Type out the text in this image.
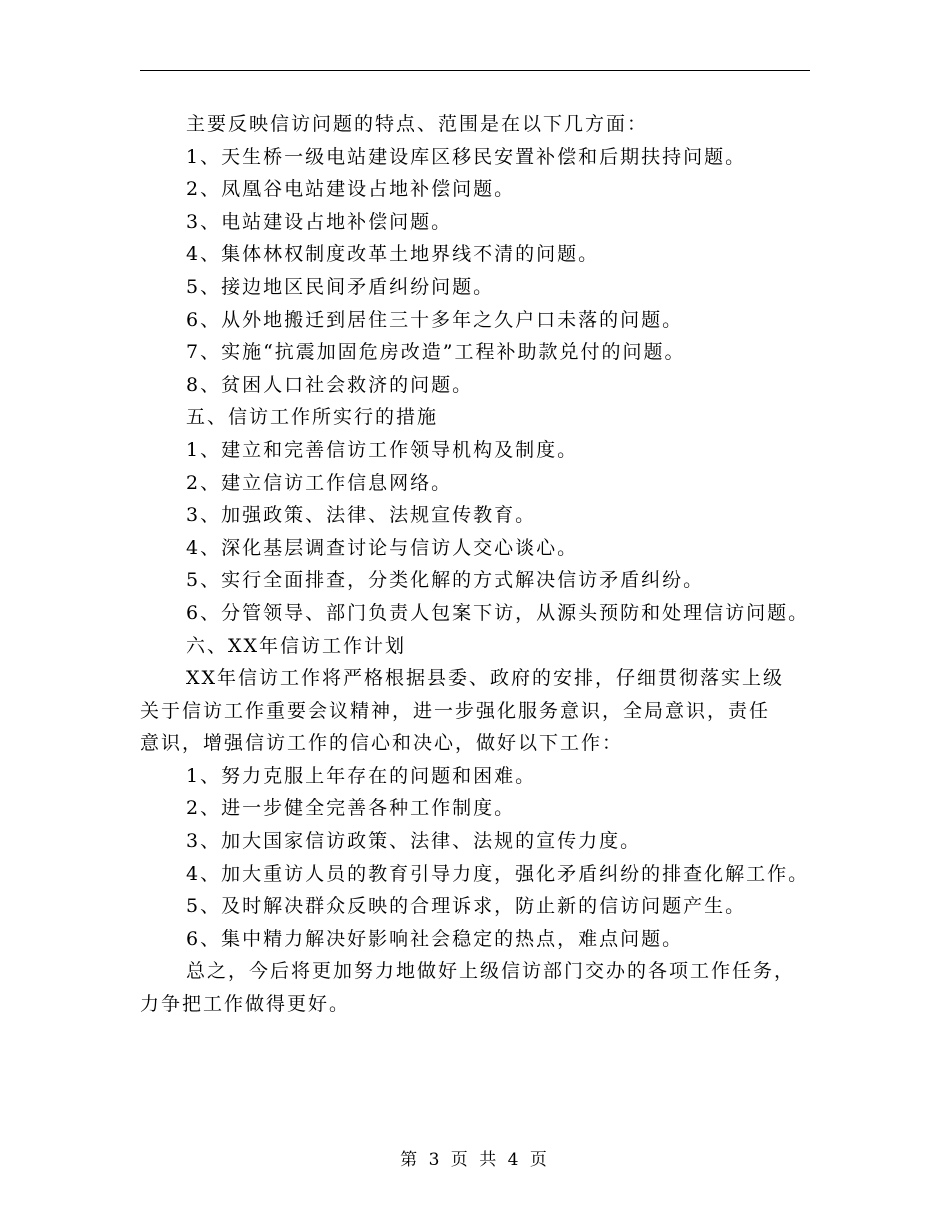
主要反映信访问题的特点、范围是在以下几方面：

1、天生桥一级电站建设库区移民安置补偿和后期扶持问题。

2、凤凰谷电站建设占地补偿问题。

3、电站建设占地补偿问题。

4、集体林权制度改革土地界线不清的问题。

5、接边地区民间矛盾纠纷问题。

6、从外地搬迁到居住三十多年之久户口未落的问题。

7、实施“抗震加固危房改造”工程补助款兑付的问题。

8、贫困人口社会救济的问题。

五、信访工作所实行的措施

1、建立和完善信访工作领导机构及制度。

2、建立信访工作信息网络。

3、加强政策、法律、法规宣传教育。

4、深化基层调查讨论与信访人交心谈心。

5、实行全面排查，分类化解的方式解决信访矛盾纠纷。

6、分管领导、部门负责人包案下访，从源头预防和处理信访问题。

六、XX年信访工作计划

XX年信访工作将严格根据县委、政府的安排，仔细贯彻落实上级

关于信访工作重要会议精神，进一步强化服务意识，全局意识，责任

意识，增强信访工作的信心和决心，做好以下工作：

1、努力克服上年存在的问题和困难。

2、进一步健全完善各种工作制度。

3、加大国家信访政策、法律、法规的宣传力度。

4、加大重访人员的教育引导力度，强化矛盾纠纷的排查化解工作。

5、及时解决群众反映的合理诉求，防止新的信访问题产生。

6、集中精力解决好影响社会稳定的热点，难点问题。

总之，今后将更加努力地做好上级信访部门交办的各项工作任务，

力争把工作做得更好。

第 3 页 共 4 页
